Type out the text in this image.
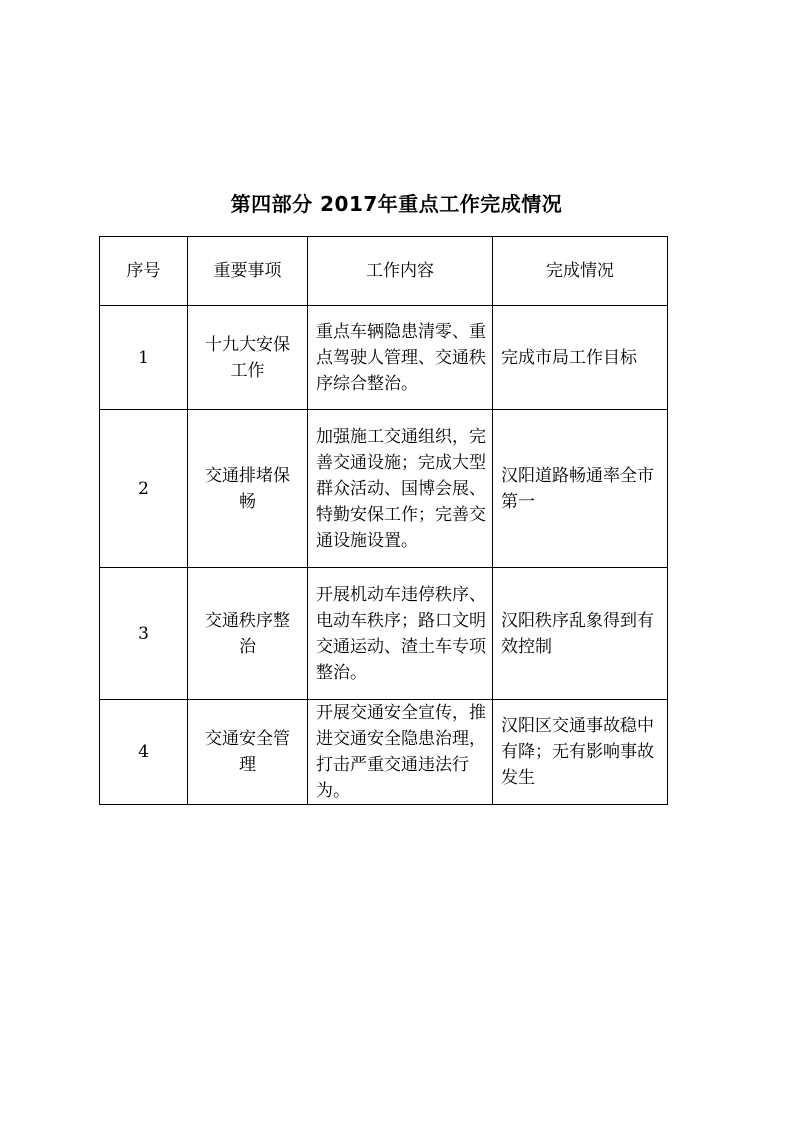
第四部分 2017年重点工作完成情况
序号	重要事项	工作内容	完成情况
1	十九大安保工作	重点车辆隐患清零、重点驾驶人管理、交通秩序综合整治。	完成市局工作目标
2	交通排堵保畅	加强施工交通组织，完善交通设施；完成大型群众活动、国博会展、特勤安保工作；完善交通设施设置。	汉阳道路畅通率全市第一
3	交通秩序整治	开展机动车违停秩序、电动车秩序；路口文明交通运动、渣土车专项整治。	汉阳秩序乱象得到有效控制
4	交通安全管理	开展交通安全宣传，推进交通安全隐患治理，打击严重交通违法行为。	汉阳区交通事故稳中有降；无有影响事故发生
